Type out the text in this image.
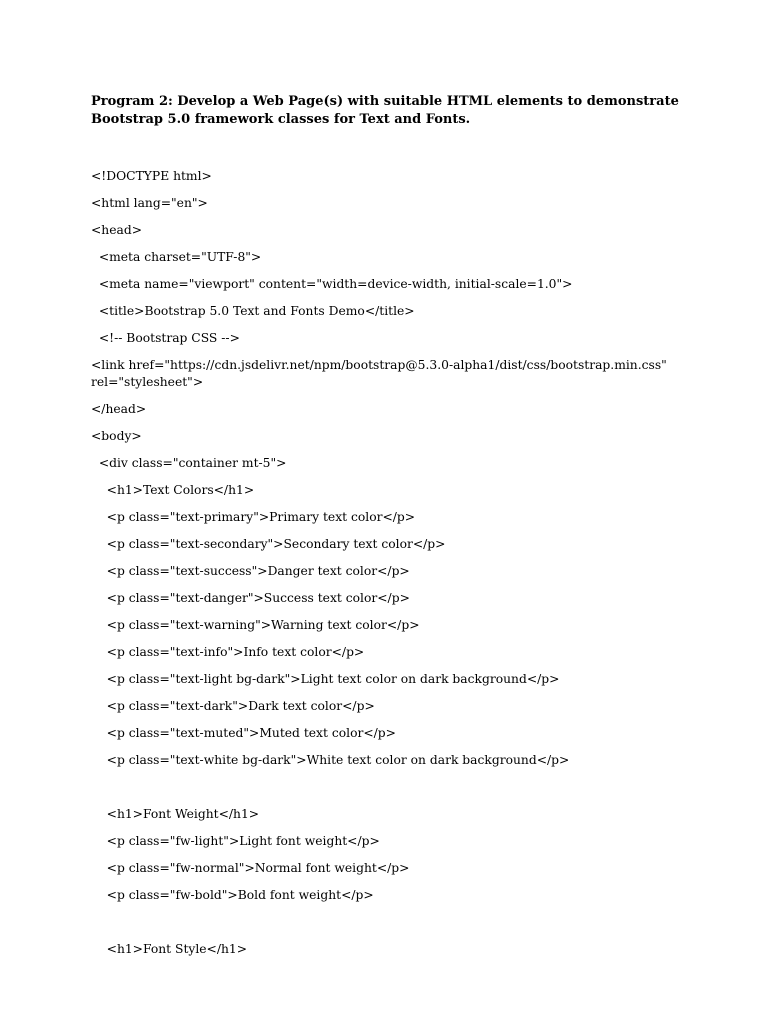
Program 2: Develop a Web Page(s) with suitable HTML elements to demonstrate Bootstrap 5.0 framework classes for Text and Fonts.
<!DOCTYPE html>
<html lang="en">
<head>
<meta charset="UTF-8">
<meta name="viewport" content="width=device-width, initial-scale=1.0">
<title>Bootstrap 5.0 Text and Fonts Demo</title>
<!-- Bootstrap CSS -->
<link href="https://cdn.jsdelivr.net/npm/bootstrap@5.3.0-alpha1/dist/css/bootstrap.min.css" rel="stylesheet">
</head>
<body>
<div class="container mt-5">
<h1>Text Colors</h1>
<p class="text-primary">Primary text color</p>
<p class="text-secondary">Secondary text color</p>
<p class="text-success">Danger text color</p>
<p class="text-danger">Success text color</p>
<p class="text-warning">Warning text color</p>
<p class="text-info">Info text color</p>
<p class="text-light bg-dark">Light text color on dark background</p>
<p class="text-dark">Dark text color</p>
<p class="text-muted">Muted text color</p>
<p class="text-white bg-dark">White text color on dark background</p>
<h1>Font Weight</h1>
<p class="fw-light">Light font weight</p>
<p class="fw-normal">Normal font weight</p>
<p class="fw-bold">Bold font weight</p>
<h1>Font Style</h1>
